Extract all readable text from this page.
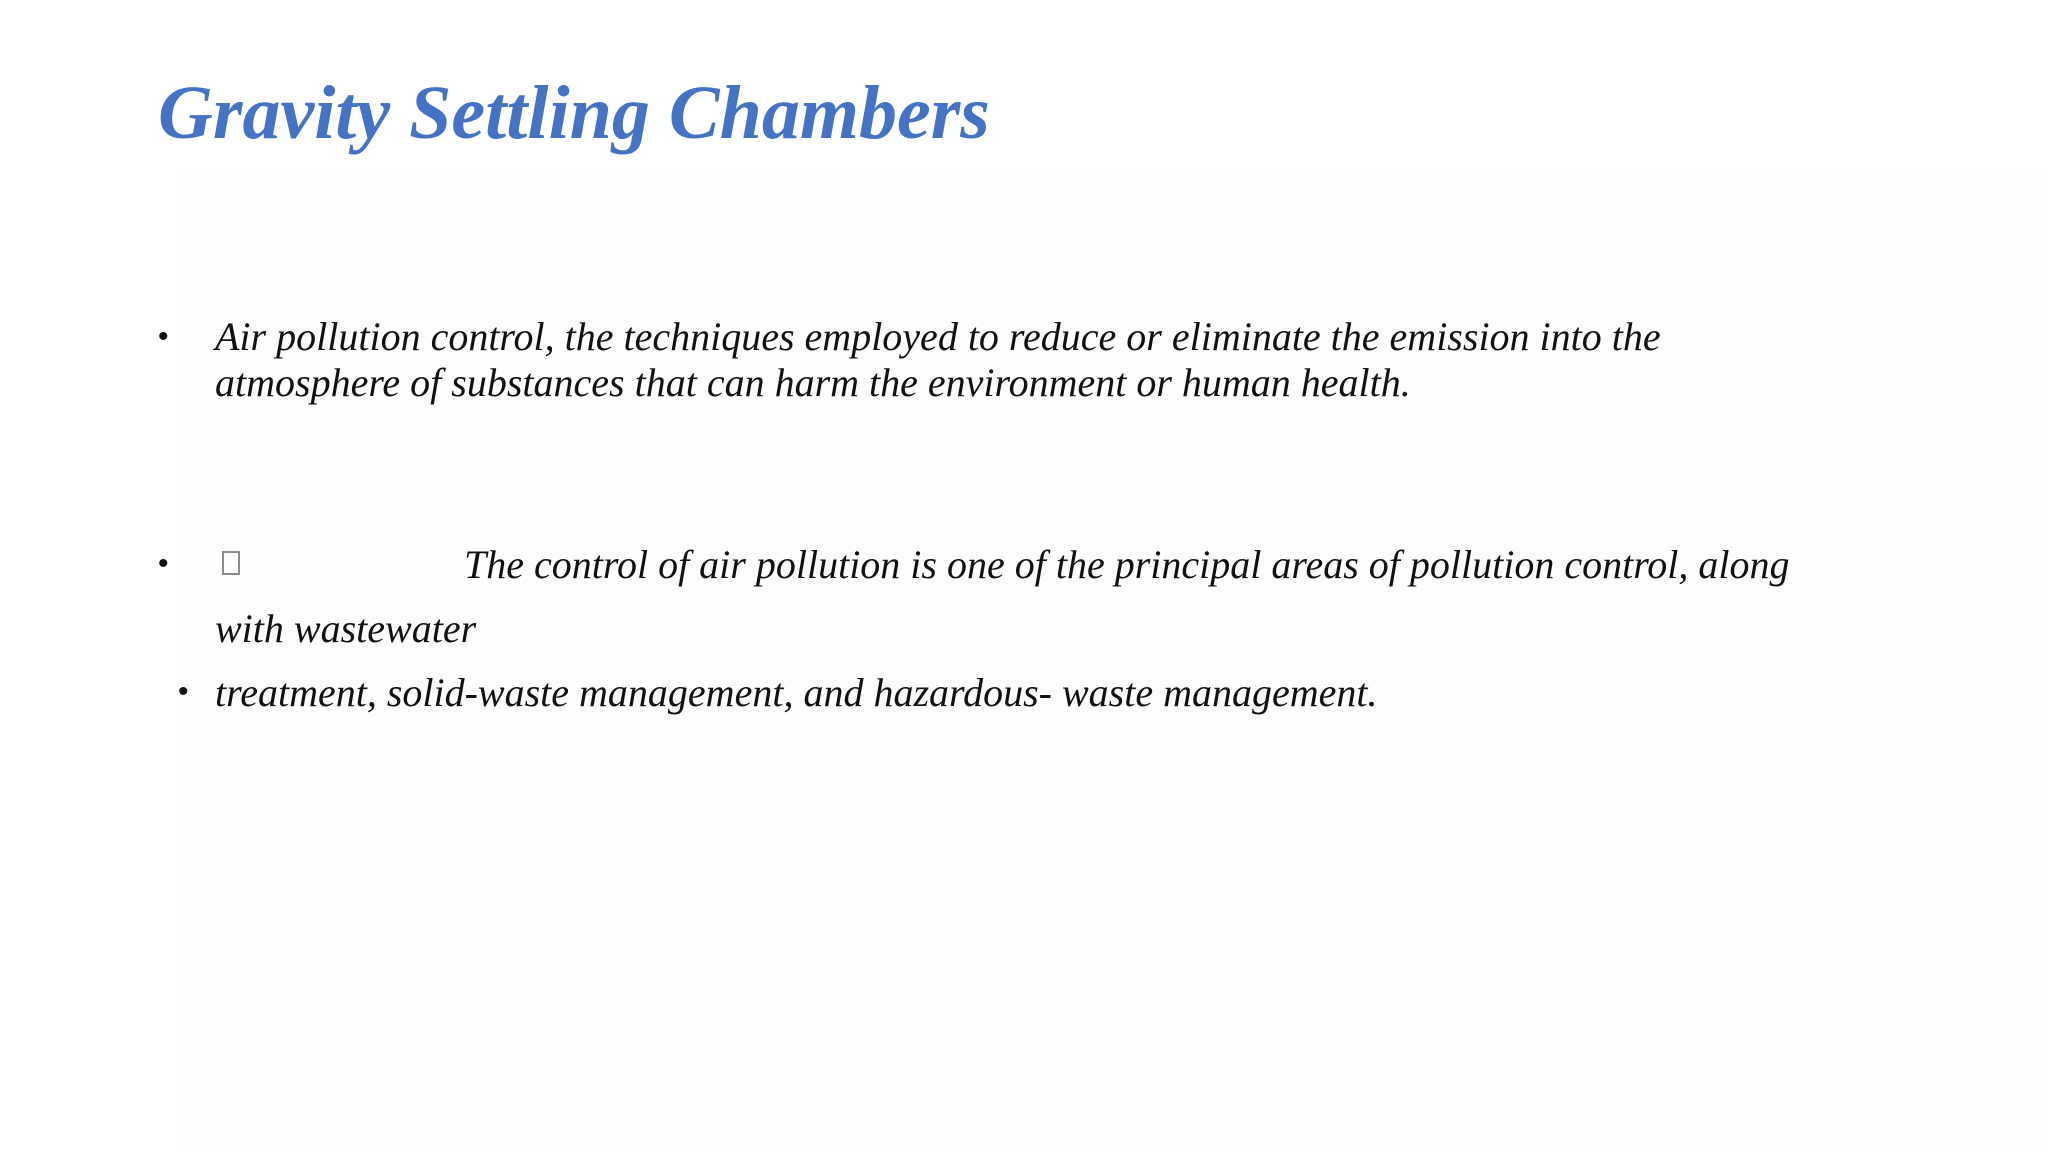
Gravity Settling Chambers
• Air pollution control, the techniques employed to reduce or eliminate the emission into the
atmosphere of substances that can harm the environment or human health.
•	The control of air pollution is one of the principal areas of pollution control, along
with wastewater
• treatment, solid-waste management, and hazardous- waste management.
